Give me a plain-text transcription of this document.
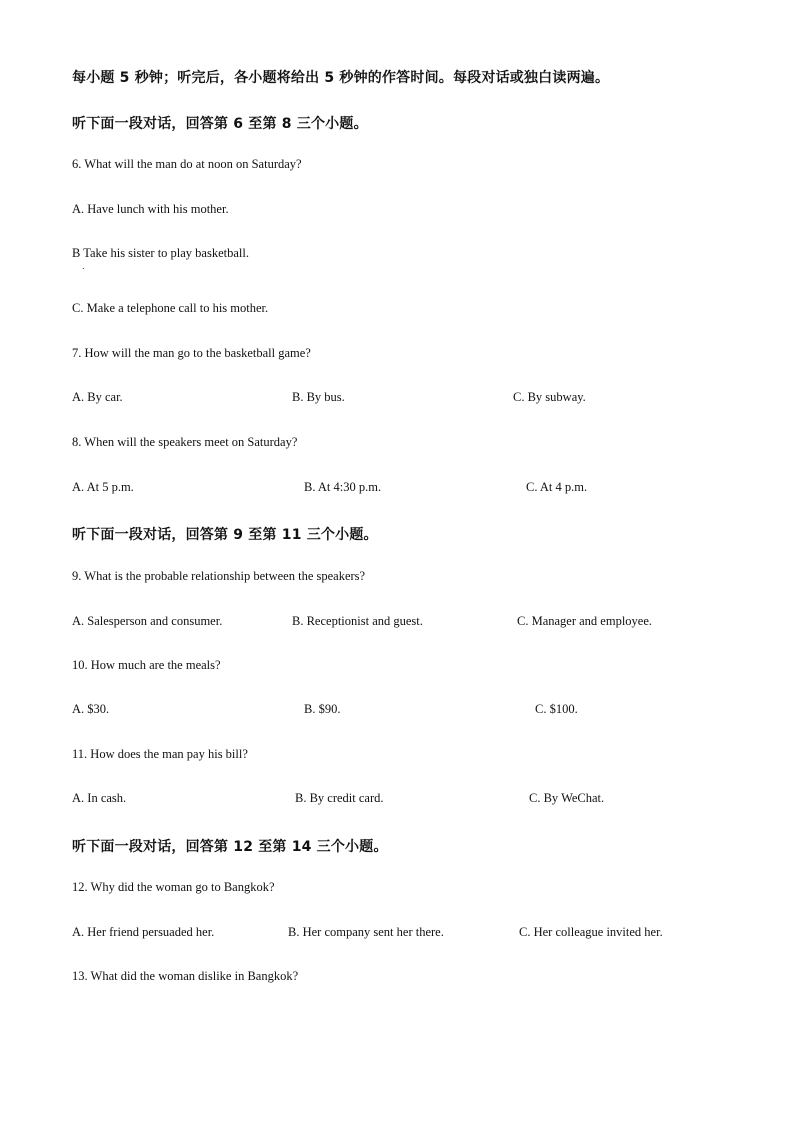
每小题 5 秒钟；听完后，各小题将给出 5 秒钟的作答时间。每段对话或独白读两遍。
听下面一段对话，回答第 6 至第 8 三个小题。
6. What will the man do at noon on Saturday?
A. Have lunch with his mother.
B Take his sister to play basketball.
.
C. Make a telephone call to his mother.
7. How will the man go to the basketball game?
A. By car.	B. By bus.	C. By subway.
8. When will the speakers meet on Saturday?
A. At 5 p.m.	B. At 4:30 p.m.	C. At 4 p.m.
听下面一段对话，回答第 9 至第 11 三个小题。
9. What is the probable relationship between the speakers?
A. Salesperson and consumer.	B. Receptionist and guest.	C. Manager and employee.
10. How much are the meals?
A. $30.	B. $90.	C. $100.
11. How does the man pay his bill?
A. In cash.	B. By credit card.	C. By WeChat.
听下面一段对话，回答第 12 至第 14 三个小题。
12. Why did the woman go to Bangkok?
A. Her friend persuaded her.	B. Her company sent her there.	C. Her colleague invited her.
13. What did the woman dislike in Bangkok?
